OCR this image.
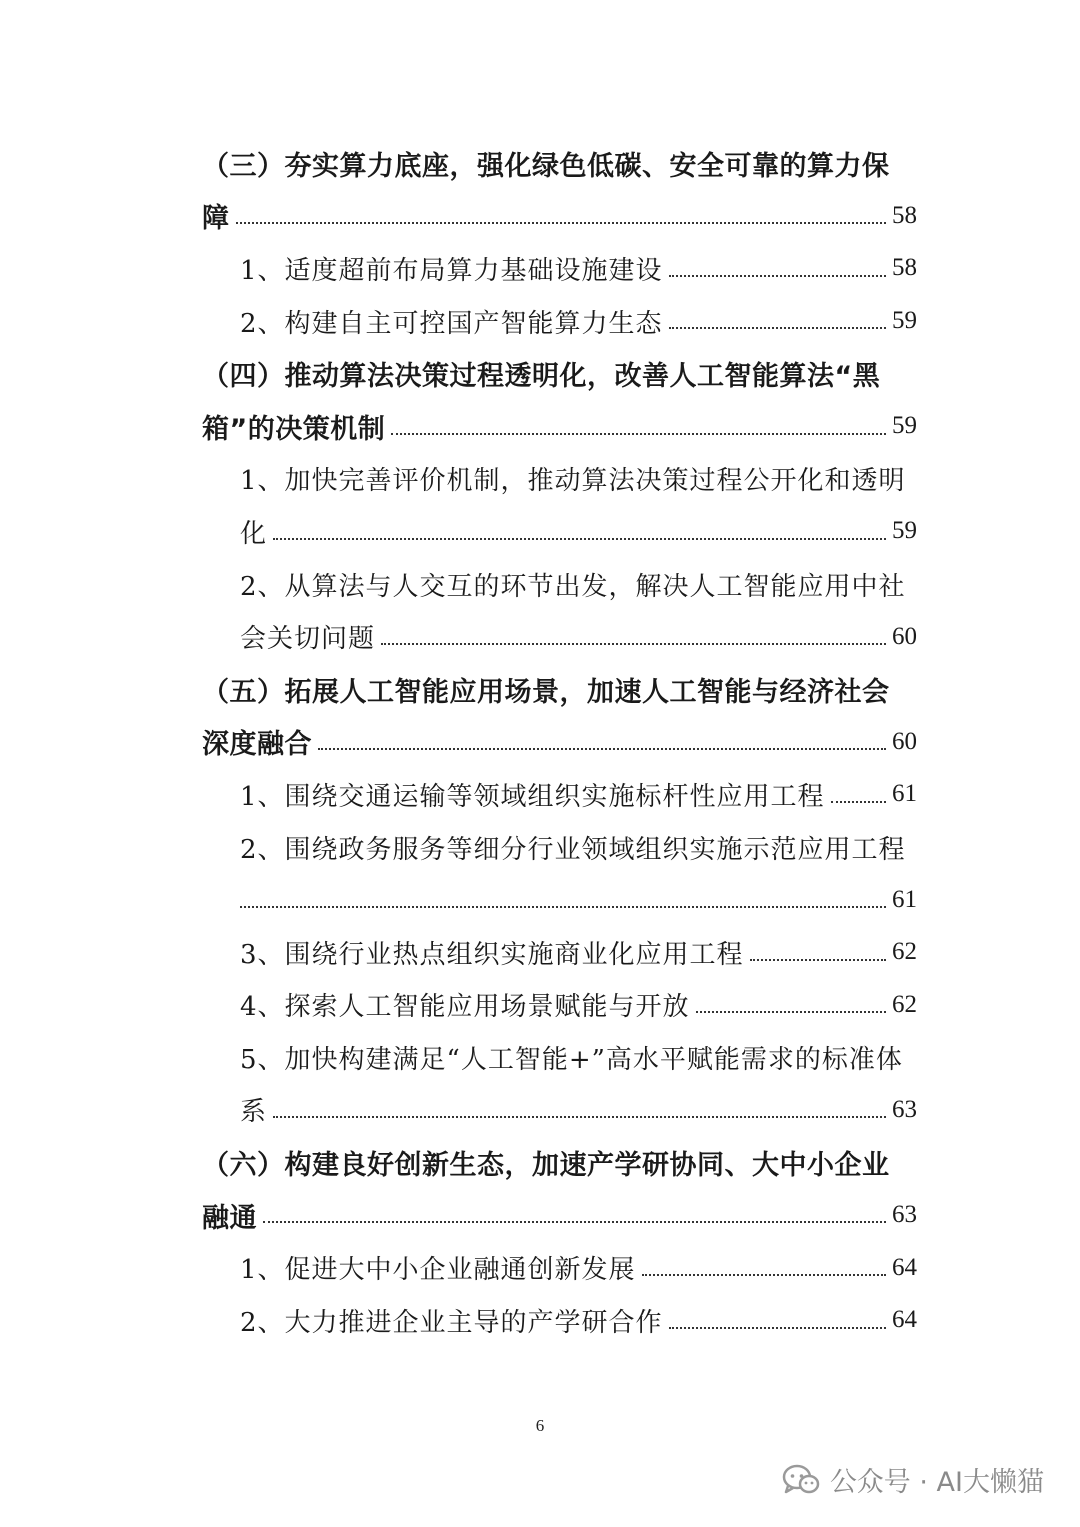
（三）夯实算力底座，强化绿色低碳、安全可靠的算力保
障	58
1、适度超前布局算力基础设施建设	58
2、构建自主可控国产智能算力生态	59
（四）推动算法决策过程透明化，改善人工智能算法“黑
箱”的决策机制	59
1、加快完善评价机制，推动算法决策过程公开化和透明
化	59
2、从算法与人交互的环节出发，解决人工智能应用中社
会关切问题	60
（五）拓展人工智能应用场景，加速人工智能与经济社会
深度融合	60
1、围绕交通运输等领域组织实施标杆性应用工程	61
2、围绕政务服务等细分行业领域组织实施示范应用工程
61
3、围绕行业热点组织实施商业化应用工程	62
4、探索人工智能应用场景赋能与开放	62
5、加快构建满足“人工智能+”高水平赋能需求的标准体
系	63
（六）构建良好创新生态，加速产学研协同、大中小企业
融通	63
1、促进大中小企业融通创新发展	64
2、大力推进企业主导的产学研合作	64
6
公众号 · AI大懒猫
